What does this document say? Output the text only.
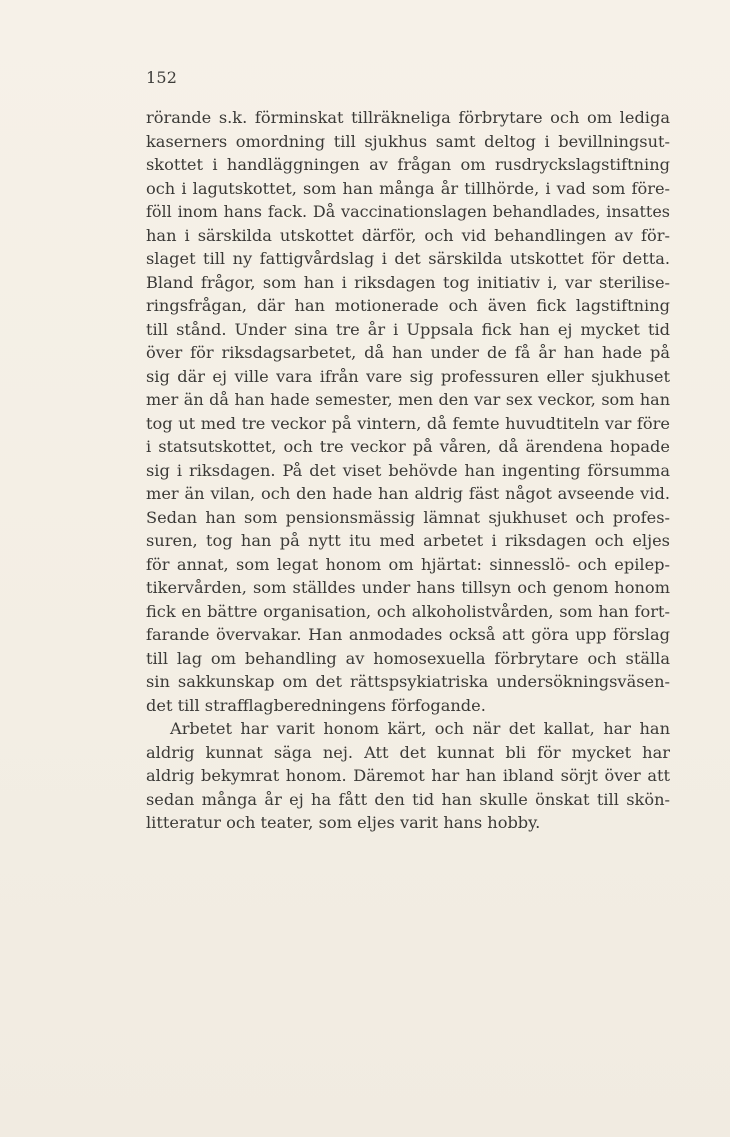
152
rörande s.k. förminskat tillräkneliga förbrytare och om lediga
kaserners omordning till sjukhus samt deltog i bevillningsut-
skottet i handläggningen av frågan om rusdryckslagstiftning
och i lagutskottet, som han många år tillhörde, i vad som före-
föll inom hans fack. Då vaccinationslagen behandlades, insattes
han i särskilda utskottet därför, och vid behandlingen av för-
slaget till ny fattigvårdslag i det särskilda utskottet för detta.
Bland frågor, som han i riksdagen tog initiativ i, var sterilise-
ringsfrågan, där han motionerade och även fick lagstiftning
till stånd. Under sina tre år i Uppsala fick han ej mycket tid
över för riksdagsarbetet, då han under de få år han hade på
sig där ej ville vara ifrån vare sig professuren eller sjukhuset
mer än då han hade semester, men den var sex veckor, som han
tog ut med tre veckor på vintern, då femte huvudtiteln var före
i statsutskottet, och tre veckor på våren, då ärendena hopade
sig i riksdagen. På det viset behövde han ingenting försumma
mer än vilan, och den hade han aldrig fäst något avseende vid.
Sedan han som pensionsmässig lämnat sjukhuset och profes-
suren, tog han på nytt itu med arbetet i riksdagen och eljes
för annat, som legat honom om hjärtat: sinnesslö- och epilep-
tikervården, som ställdes under hans tillsyn och genom honom
fick en bättre organisation, och alkoholistvården, som han fort-
farande övervakar. Han anmodades också att göra upp förslag
till lag om behandling av homosexuella förbrytare och ställa
sin sakkunskap om det rättspsykiatriska undersökningsväsen-
det till strafflagberedningens förfogande.
Arbetet har varit honom kärt, och när det kallat, har han
aldrig kunnat säga nej. Att det kunnat bli för mycket har
aldrig bekymrat honom. Däremot har han ibland sörjt över att
sedan många år ej ha fått den tid han skulle önskat till skön-
litteratur och teater, som eljes varit hans hobby.
